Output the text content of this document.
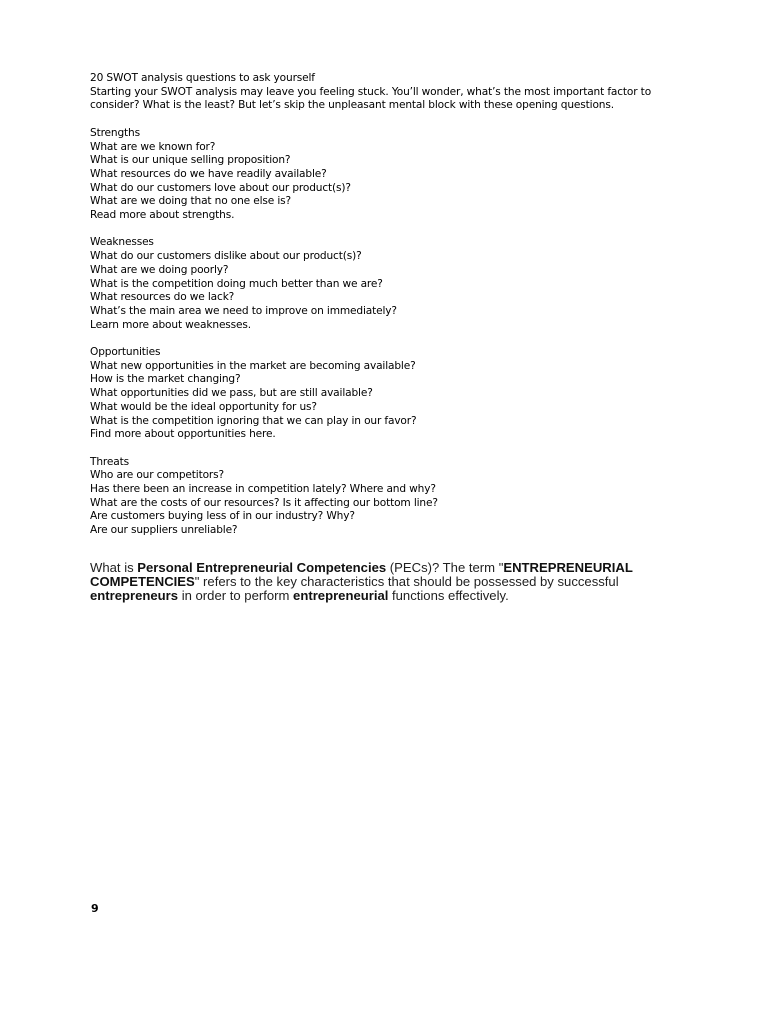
20 SWOT analysis questions to ask yourself
Starting your SWOT analysis may leave you feeling stuck. You’ll wonder, what’s the most important factor to consider? What is the least? But let’s skip the unpleasant mental block with these opening questions.
Strengths
What are we known for?
What is our unique selling proposition?
What resources do we have readily available?
What do our customers love about our product(s)?
What are we doing that no one else is?
Read more about strengths.
Weaknesses
What do our customers dislike about our product(s)?
What are we doing poorly?
What is the competition doing much better than we are?
What resources do we lack?
What’s the main area we need to improve on immediately?
Learn more about weaknesses.
Opportunities
What new opportunities in the market are becoming available?
How is the market changing?
What opportunities did we pass, but are still available?
What would be the ideal opportunity for us?
What is the competition ignoring that we can play in our favor?
Find more about opportunities here.
Threats
Who are our competitors?
Has there been an increase in competition lately? Where and why?
What are the costs of our resources? Is it affecting our bottom line?
Are customers buying less of in our industry? Why?
Are our suppliers unreliable?

What is Personal Entrepreneurial Competencies (PECs)? The term "ENTREPRENEURIAL COMPETENCIES" refers to the key characteristics that should be possessed by successful entrepreneurs in order to perform entrepreneurial functions effectively.

9
